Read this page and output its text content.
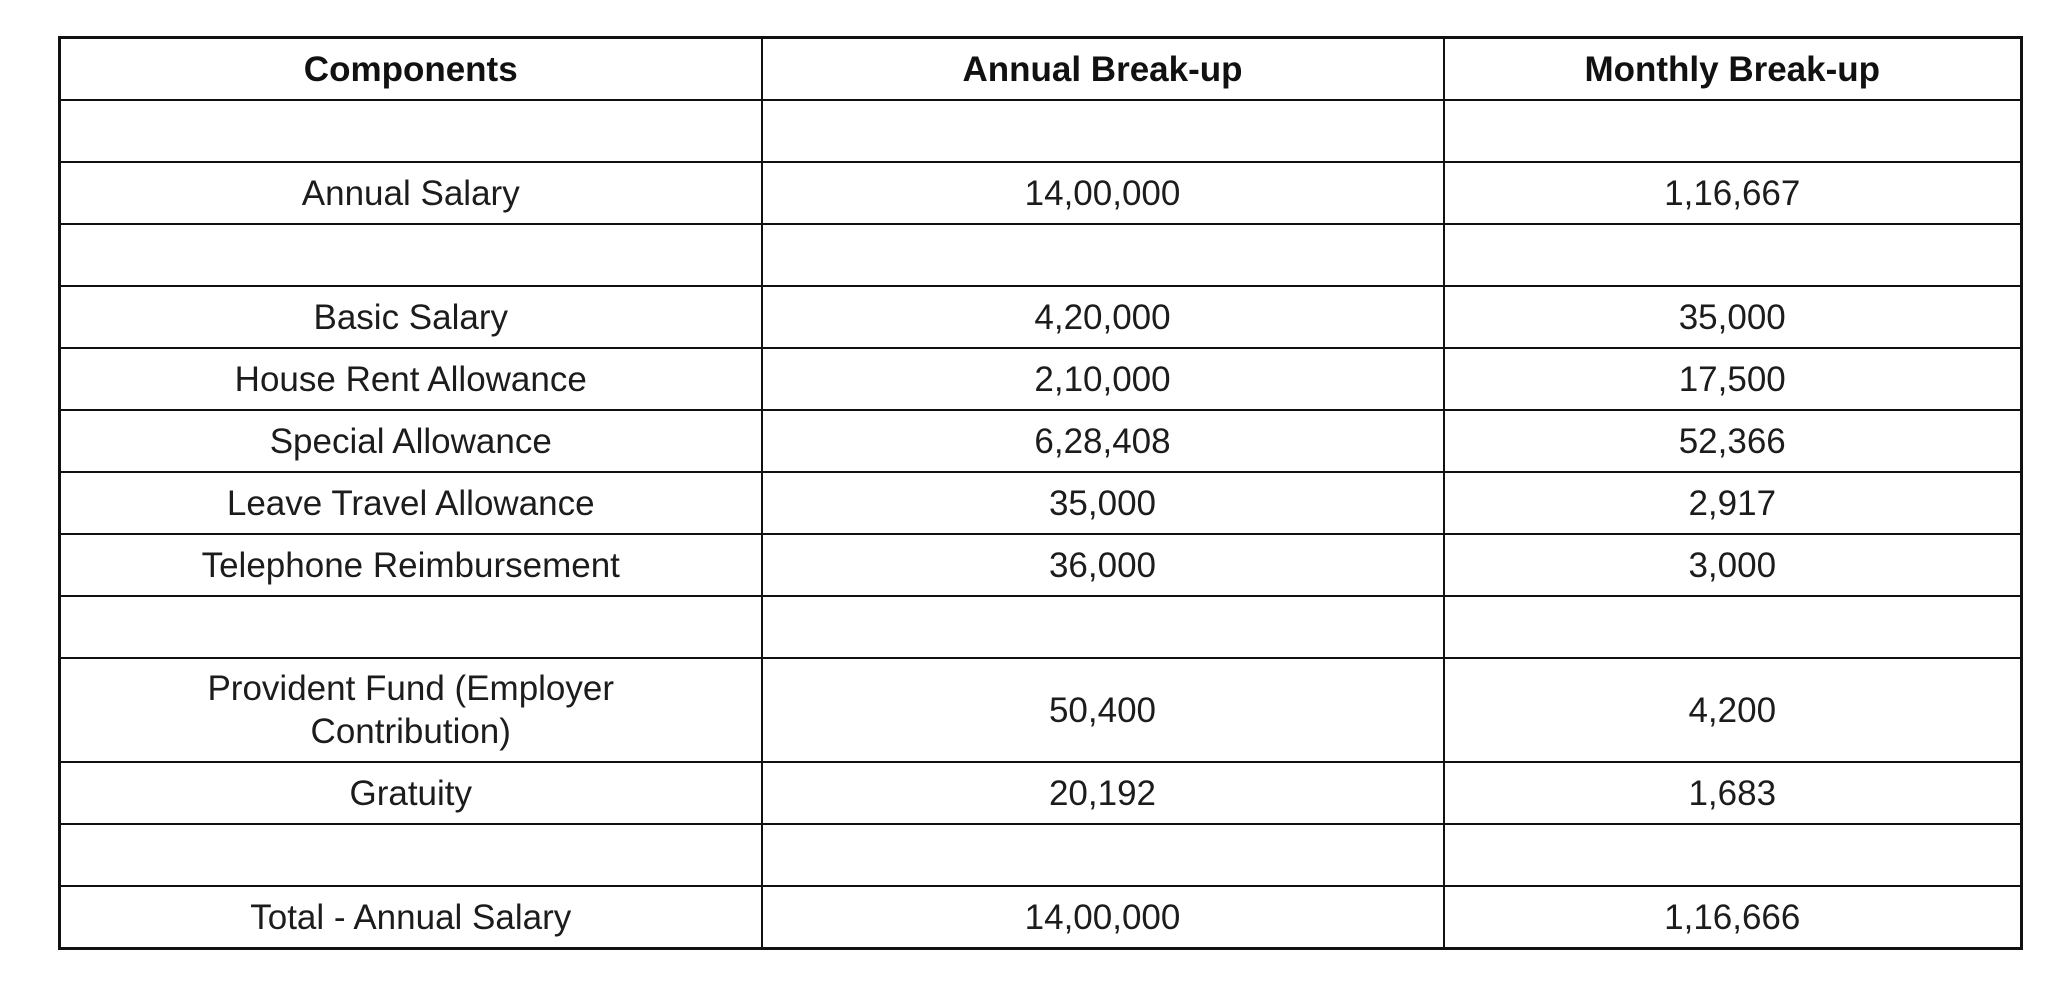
Components	Annual Break-up	Monthly Break-up

Annual Salary	14,00,000	1,16,667

Basic Salary	4,20,000	35,000
House Rent Allowance	2,10,000	17,500
Special Allowance	6,28,408	52,366
Leave Travel Allowance	35,000	2,917
Telephone Reimbursement	36,000	3,000

Provident Fund (Employer
Contribution)	50,400	4,200
Gratuity	20,192	1,683

Total - Annual Salary	14,00,000	1,16,666
